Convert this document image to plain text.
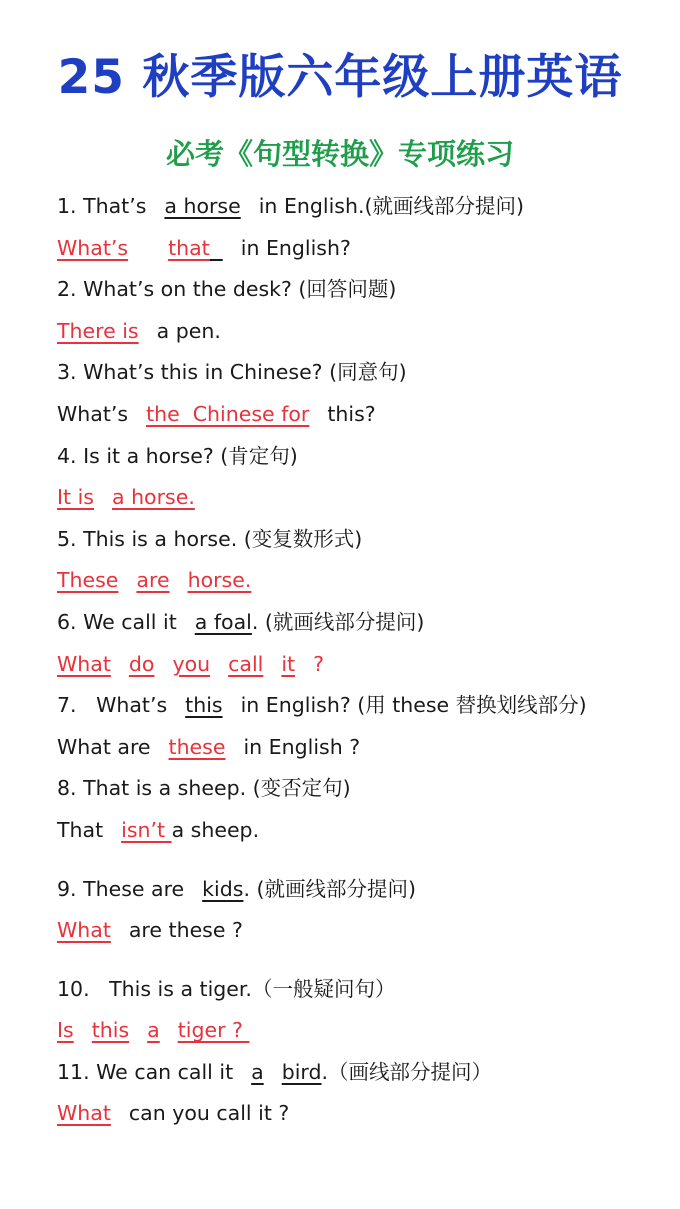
25 秋季版六年级上册英语
必考《句型转换》专项练习
1. That’s a horse in English.(就画线部分提问)
What’s that in English?
2. What’s on the desk? (回答问题)
There is a pen.
3. What’s this in Chinese? (同意句)
What’s the  Chinese for this?
4. Is it a horse? (肯定句)
It is a horse.
5. This is a horse. (变复数形式)
These are horse.
6. We call it a foal. (就画线部分提问)
What do you call it ?
7.   What’s this in English? (用 these 替换划线部分)
What are these in English ?
8. That is a sheep. (变否定句)
That isn’t a sheep.
9. These are kids. (就画线部分提问)
What are these ?
10.   This is a tiger.（一般疑问句）
Is this a tiger ?
11. We can call it a bird.（画线部分提问）
What can you call it ?
